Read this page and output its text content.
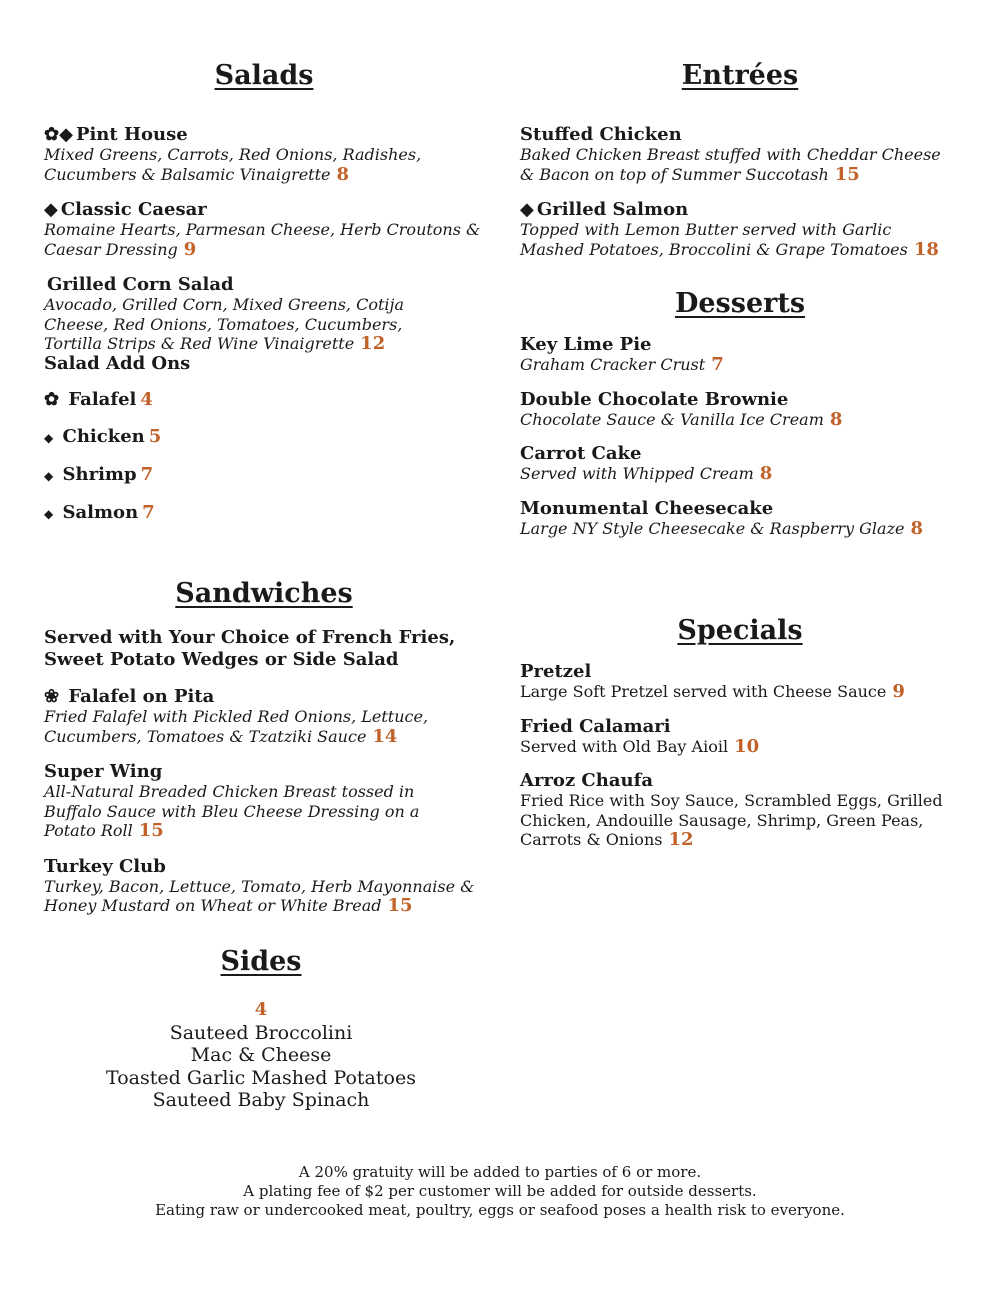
Salads
✿◆ Pint House
Mixed Greens, Carrots, Red Onions, Radishes, Cucumbers & Balsamic Vinaigrette 8
◆ Classic Caesar
Romaine Hearts, Parmesan Cheese, Herb Croutons & Caesar Dressing 9
Grilled Corn Salad
Avocado, Grilled Corn, Mixed Greens, Cotija Cheese, Red Onions, Tomatoes, Cucumbers, Tortilla Strips & Red Wine Vinaigrette 12
Salad Add Ons
✿ Falafel 4
◆ Chicken 5
◆ Shrimp 7
◆ Salmon 7
Entrées
Stuffed Chicken
Baked Chicken Breast stuffed with Cheddar Cheese & Bacon on top of Summer Succotash 15
◆ Grilled Salmon
Topped with Lemon Butter served with Garlic Mashed Potatoes, Broccolini & Grape Tomatoes 18
Desserts
Key Lime Pie
Graham Cracker Crust 7
Double Chocolate Brownie
Chocolate Sauce & Vanilla Ice Cream 8
Carrot Cake
Served with Whipped Cream 8
Monumental Cheesecake
Large NY Style Cheesecake & Raspberry Glaze 8
Sandwiches
Served with Your Choice of French Fries,
Sweet Potato Wedges or Side Salad
❀ Falafel on Pita
Fried Falafel with Pickled Red Onions, Lettuce, Cucumbers, Tomatoes & Tzatziki Sauce 14
Super Wing
All-Natural Breaded Chicken Breast tossed in Buffalo Sauce with Bleu Cheese Dressing on a Potato Roll 15
Turkey Club
Turkey, Bacon, Lettuce, Tomato, Herb Mayonnaise & Honey Mustard on Wheat or White Bread 15
Specials
Pretzel
Large Soft Pretzel served with Cheese Sauce 9
Fried Calamari
Served with Old Bay Aioil 10
Arroz Chaufa
Fried Rice with Soy Sauce, Scrambled Eggs, Grilled Chicken, Andouille Sausage, Shrimp, Green Peas, Carrots & Onions 12
Sides
4
Sauteed Broccolini
Mac & Cheese
Toasted Garlic Mashed Potatoes
Sauteed Baby Spinach
A 20% gratuity will be added to parties of 6 or more.
A plating fee of $2 per customer will be added for outside desserts.
Eating raw or undercooked meat, poultry, eggs or seafood poses a health risk to everyone.
